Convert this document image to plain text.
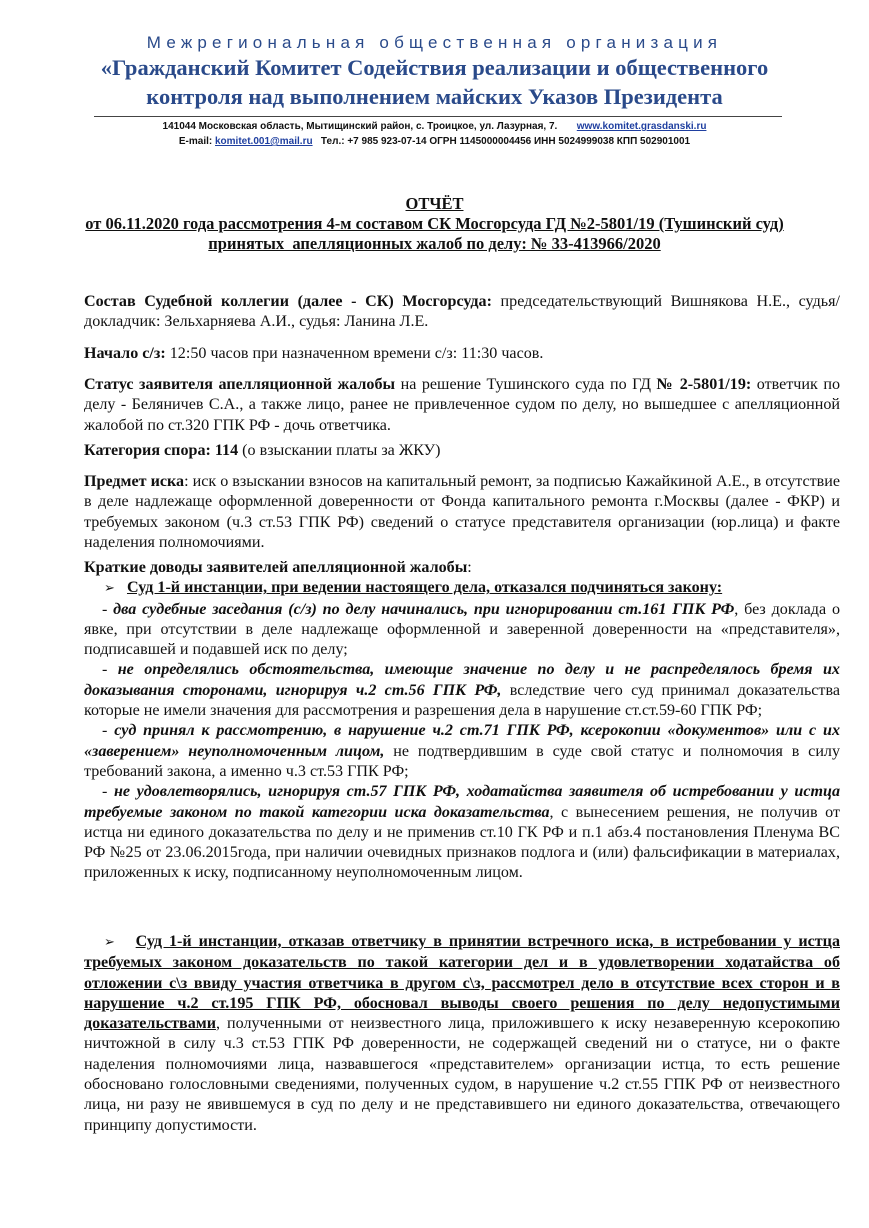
Межрегиональная общественная организация
«Гражданский Комитет Содействия реализации и общественного
контроля над выполнением майских Указов Президента
141044 Московская область, Мытищинский район, с. Троицкое, ул. Лазурная, 7. www.komitet.grasdanski.ru
E-mail: komitet.001@mail.ru Тел.: +7 985 923-07-14 ОГРН 1145000004456 ИНН 5024999038 КПП 502901001
ОТЧЁТ
от 06.11.2020 года рассмотрения 4-м составом СК Мосгорсуда ГД №2-5801/19 (Тушинский суд)
принятых  апелляционных жалоб по делу: № 33-413966/2020

Состав Судебной коллегии (далее - СК) Мосгорсуда: председательствующий Вишнякова Н.Е., судья/докладчик: Зельхарняева А.И., судья: Ланина Л.Е.

Начало с/з: 12:50 часов при назначенном времени с/з: 11:30 часов.

Статус заявителя апелляционной жалобы на решение Тушинского суда по ГД № 2-5801/19: ответчик по делу - Беляничев С.А., а также лицо, ранее не привлеченное судом по делу, но вышедшее с апелляционной жалобой по ст.320 ГПК РФ - дочь ответчика.

Категория спора: 114 (о взыскании платы за ЖКУ)

Предмет иска: иск о взыскании взносов на капитальный ремонт, за подписью Кажайкиной А.Е., в отсутствие в деле надлежаще оформленной доверенности от Фонда капитального ремонта г.Москвы (далее - ФКР) и требуемых законом (ч.3 ст.53 ГПК РФ) сведений о статусе представителя организации (юр.лица) и факте наделения полномочиями.

Краткие доводы заявителей апелляционной жалобы:

➢ Суд 1-й инстанции, при ведении настоящего дела, отказался подчиняться закону:

- два судебные заседания (с/з) по делу начинались, при игнорировании ст.161 ГПК РФ, без доклада о явке, при отсутствии в деле надлежаще оформленной и заверенной доверенности на «представителя», подписавшей и подавшей иск по делу;

- не определялись обстоятельства, имеющие значение по делу и не распределялось бремя их доказывания сторонами, игнорируя ч.2 ст.56 ГПК РФ, вследствие чего суд принимал доказательства которые не имели значения для рассмотрения и разрешения дела в нарушение ст.ст.59-60 ГПК РФ;

- суд принял к рассмотрению, в нарушение ч.2 ст.71 ГПК РФ, ксерокопии «документов» или с их «заверением» неуполномоченным лицом, не подтвердившим в суде свой статус и полномочия в силу требований закона, а именно ч.3 ст.53 ГПК РФ;

- не удовлетворялись, игнорируя ст.57 ГПК РФ, ходатайства заявителя об истребовании у истца требуемые законом по такой категории иска доказательства, с вынесением решения, не получив от истца ни единого доказательства по делу и не применив ст.10 ГК РФ и п.1 абз.4 постановления Пленума ВС РФ №25 от 23.06.2015года, при наличии очевидных признаков подлога и (или) фальсификации в материалах, приложенных к иску, подписанному неуполномоченным лицом.

➢ Суд 1-й инстанции, отказав ответчику в принятии встречного иска, в истребовании у истца требуемых законом доказательств по такой категории дел и в удовлетворении ходатайства об отложении с\з ввиду участия ответчика в другом с\з, рассмотрел дело в отсутствие всех сторон и в нарушение ч.2 ст.195 ГПК РФ, обосновал выводы своего решения по делу недопустимыми доказательствами, полученными от неизвестного лица, приложившего к иску незаверенную ксерокопию ничтожной в силу ч.3 ст.53 ГПК РФ доверенности, не содержащей сведений ни о статусе, ни о факте наделения полномочиями лица, назвавшегося «представителем» организации истца, то есть решение обосновано голословными сведениями, полученных судом, в нарушение ч.2 ст.55 ГПК РФ от неизвестного лица, ни разу не явившемуся в суд по делу и не представившего ни единого доказательства, отвечающего принципу допустимости.
